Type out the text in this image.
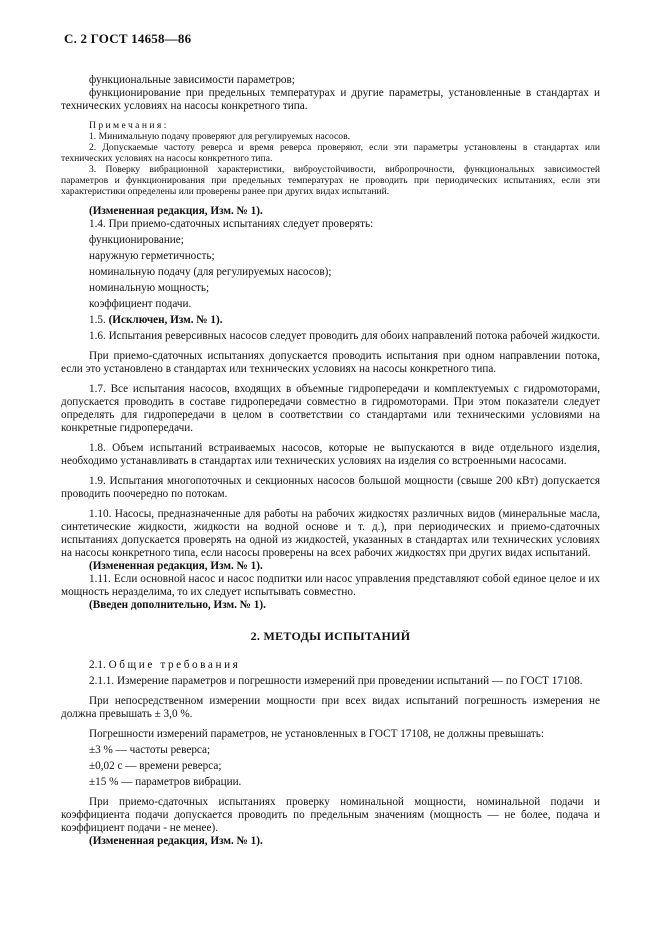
С. 2 ГОСТ 14658—86

функциональные зависимости параметров;

функционирование при предельных температурах и другие параметры, установленные в стандартах и технических условиях на насосы конкретного типа.

Примечания:

1. Минимальную подачу проверяют для регулируемых насосов.

2. Допускаемые частоту реверса и время реверса проверяют, если эти параметры установлены в стандартах или технических условиях на насосы конкретного типа.

3. Поверку вибрационной характеристики, виброустойчивости, вибропрочности, функциональных зависимостей параметров и функционирования при предельных температурах не проводить при периодических испытаниях, если эти характеристики определены или проверены ранее при других видах испытаний.

(Измененная редакция, Изм. № 1).

1.4. При приемо-сдаточных испытаниях следует проверять:

функционирование;

наружную герметичность;

номинальную подачу (для регулируемых насосов);

номинальную мощность;

коэффициент подачи.

1.5. (Исключен, Изм. № 1).

1.6. Испытания реверсивных насосов следует проводить для обоих направлений потока рабочей жидкости.

При приемо-сдаточных испытаниях допускается проводить испытания при одном направлении потока, если это установлено в стандартах или технических условиях на насосы конкретного типа.

1.7. Все испытания насосов, входящих в объемные гидропередачи и комплектуемых с гидромоторами, допускается проводить в составе гидропередачи совместно в гидромоторами. При этом показатели следует определять для гидропередачи в целом в соответствии со стандартами или техническими условиями на конкретные гидропередачи.

1.8. Объем испытаний встраиваемых насосов, которые не выпускаются в виде отдельного изделия, необходимо устанавливать в стандартах или технических условиях на изделия со встроенными насосами.

1.9. Испытания многопоточных и секционных насосов большой мощности (свыше 200 кВт) допускается проводить поочередно по потокам.

1.10. Насосы, предназначенные для работы на рабочих жидкостях различных видов (минеральные масла, синтетические жидкости, жидкости на водной основе и т. д.), при периодических и приемо-сдаточных испытаниях допускается проверять на одной из жидкостей, указанных в стандартах или технических условиях на насосы конкретного типа, если насосы проверены на всех рабочих жидкостях при других видах испытаний.

(Измененная редакция, Изм. № 1).

1.11. Если основной насос и насос подпитки или насос управления представляют собой единое целое и их мощность неразделима, то их следует испытывать совместно.

(Введен дополнительно, Изм. № 1).

2. МЕТОДЫ ИСПЫТАНИЙ

2.1. Общие требования

2.1.1. Измерение параметров и погрешности измерений при проведении испытаний — по ГОСТ 17108.

При непосредственном измерении мощности при всех видах испытаний погрешность измерения не должна превышать ± 3,0 %.

Погрешности измерений параметров, не установленных в ГОСТ 17108, не должны превышать:

±3 % — частоты реверса;

±0,02 с — времени реверса;

±15 % — параметров вибрации.

При приемо-сдаточных испытаниях проверку номинальной мощности, номинальной подачи и коэффициента подачи допускается проводить по предельным значениям (мощность — не более, подача и коэффициент подачи - не менее).

(Измененная редакция, Изм. № 1).
